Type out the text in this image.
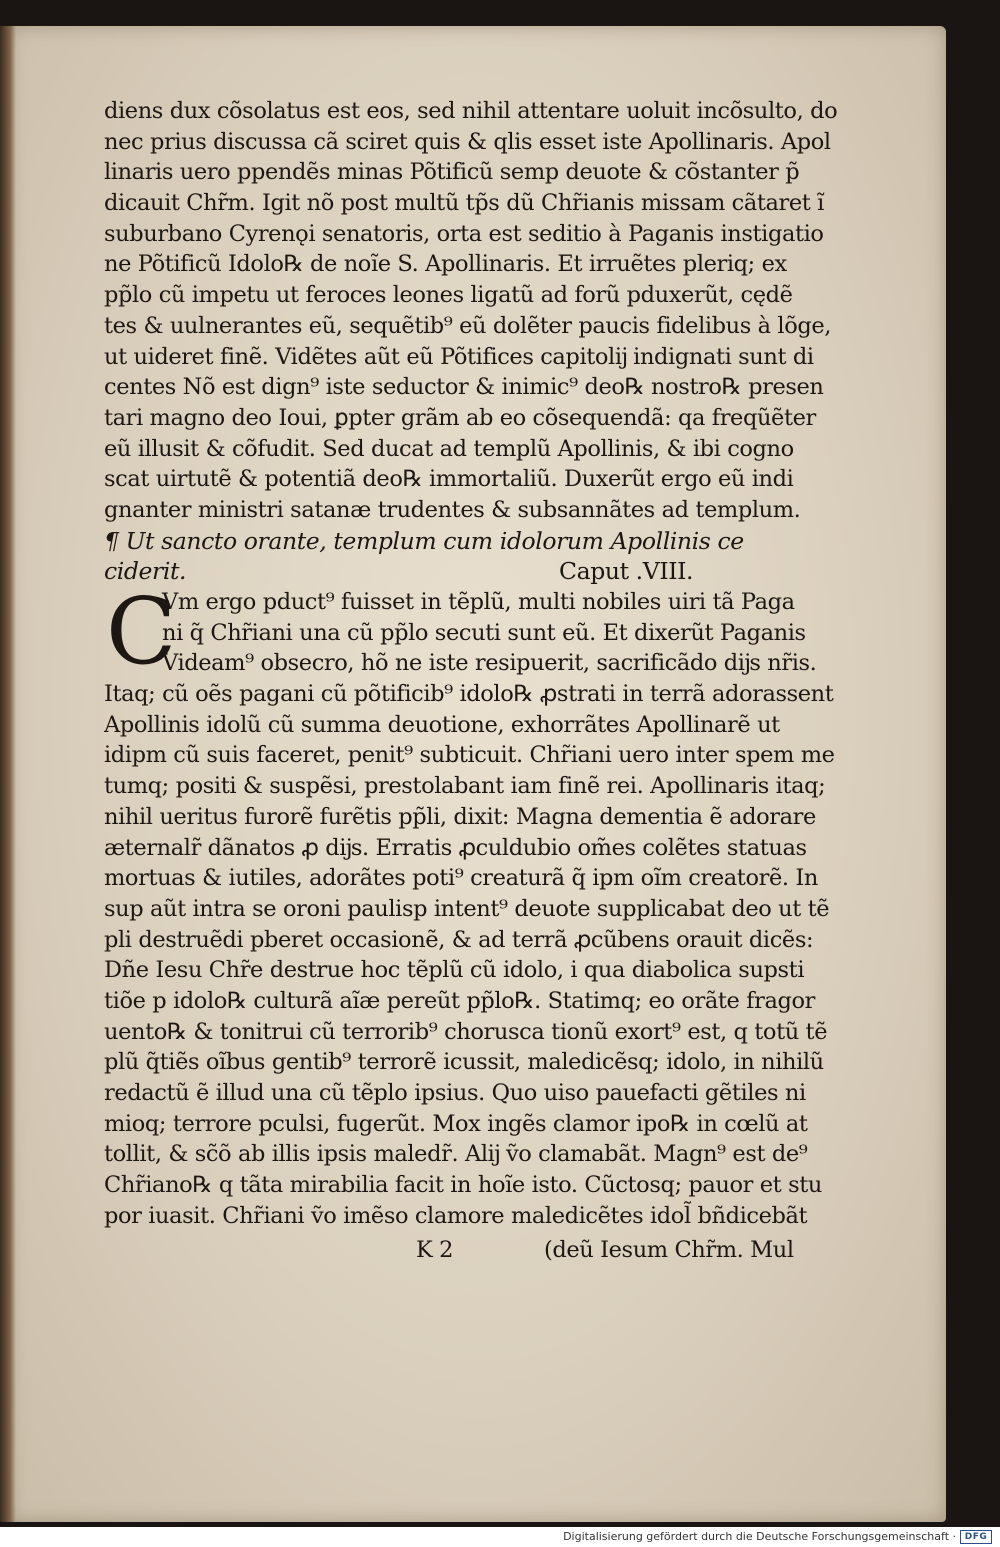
diens dux cõsolatus est eos, sed nihil attentare uoluit incõsulto, do
nec prius discussa cã sciret quis & qlis esset iste Apollinaris. Apol
linaris uero ppendẽs minas Põtificũ semp deuote & cõstanter p̃
dicauit Chr̃m. Igit nõ post multũ tp̃s dũ Chr̃ianis missam cãtaret ĩ
suburbano Cyrenǫi senatoris, orta est seditio à Paganis instigatio
ne Põtificũ Idolo℞ de noĩe S. Apollinaris. Et irruẽtes plerіq; ex
pp̃lo cũ impetu ut feroces leones ligatũ ad forũ pduxerũt, cędẽ
tes & uulnerantes eũ, sequẽtib⁹ eũ dolẽter paucis fidelibus à lõge,
ut uideret finẽ. Vidẽtes aũt eũ Põtifices capitolĳ indignati sunt di
centes Nõ est dign⁹ iste seductor & inimic⁹ deo℞ nostro℞ presen
tari magno deo Ioui, ꝑpter grãm ab eo cõsequendã: qa freqũẽter
eũ illusit & cõfudit. Sed ducat ad templũ Apollinis, & ibi cogno
scat uirtutẽ & potentiã deo℞ immortaliũ. Duxerũt ergo eũ indi
gnanter ministri satanæ trudentes & subsannãtes ad templum.
¶ Ut sancto orante, templum cum idolorum Apollinis ce
ciderit.	Caput .VIII.
C
Vm ergo pduct⁹ fuisset in tẽplũ, multi nobiles uiri tã Paga
ni q̃ Chr̃iani una cũ pp̃lo secuti sunt eũ. Et dixerũt Paganis
Videam⁹ obsecro, hõ ne iste resipuerit, sacrificãdo dĳs nr̃is.
Itaq; cũ oẽs pagani cũ põtificib⁹ idolo℞ ꝓstrati in terrã adorassent
Apollinis idolũ cũ summa deuotione, exhorrãtes Apollinarẽ ut
idipm cũ suis faceret, penit⁹ subticuit. Chr̃iani uero inter spem me
tumq; positi & suspẽsi, prestolabant iam finẽ rei. Apollinaris itaq;
nihil ueritus furorẽ furẽtis pp̃li, dixit: Magna dementia ẽ adorare
æternalr̃ dãnatos ꝓ dĳs. Erratis ꝓculdubio om̃es colẽtes statuas
mortuas & iutiles, adorãtes poti⁹ creaturã q̃ ipm oĩm creatorẽ. In
sup aũt intra se oroni paulisp intent⁹ deuote supplicabat deo ut tẽ
pli destruẽdi pberet occasionẽ, & ad terrã ꝓcũbens orauit dicẽs:
Dñe Iesu Chr̃e destrue hoc tẽplũ cũ idolo, i qua diabolica supsti
tiõe p idolo℞ culturã aĩæ pereũt pp̃lo℞. Statimq; eo orãte fragor
uento℞ & tonitrui cũ terrorib⁹ chorusca tionũ exort⁹ est, q totũ tẽ
plũ q̃tiẽs oĩbus gentib⁹ terrorẽ icussit, maledicẽsq; idolo, in nihilũ
redactũ ẽ illud una cũ tẽplo ipsius. Quo uiso pauefacti gẽtiles ni
mioq; terrore pculsi, fugerũt. Mox ingẽs clamor ipo℞ in cœlũ at
tollit, & sc̃õ ab illis ipsis maledr̃. Alĳ ṽo clamabãt. Magn⁹ est de⁹
Chr̃iano℞ q tãta mirabilia facit in hoĩe isto. Cũctosq; pauor et stu
por iuasit. Chr̃iani ṽo imẽso clamore maledicẽtes idol̃ bñdicebãt
K 2	(deũ Iesum Chr̃m. Mul
Digitalisierung gefördert durch die Deutsche Forschungsgemeinschaft · DFG
